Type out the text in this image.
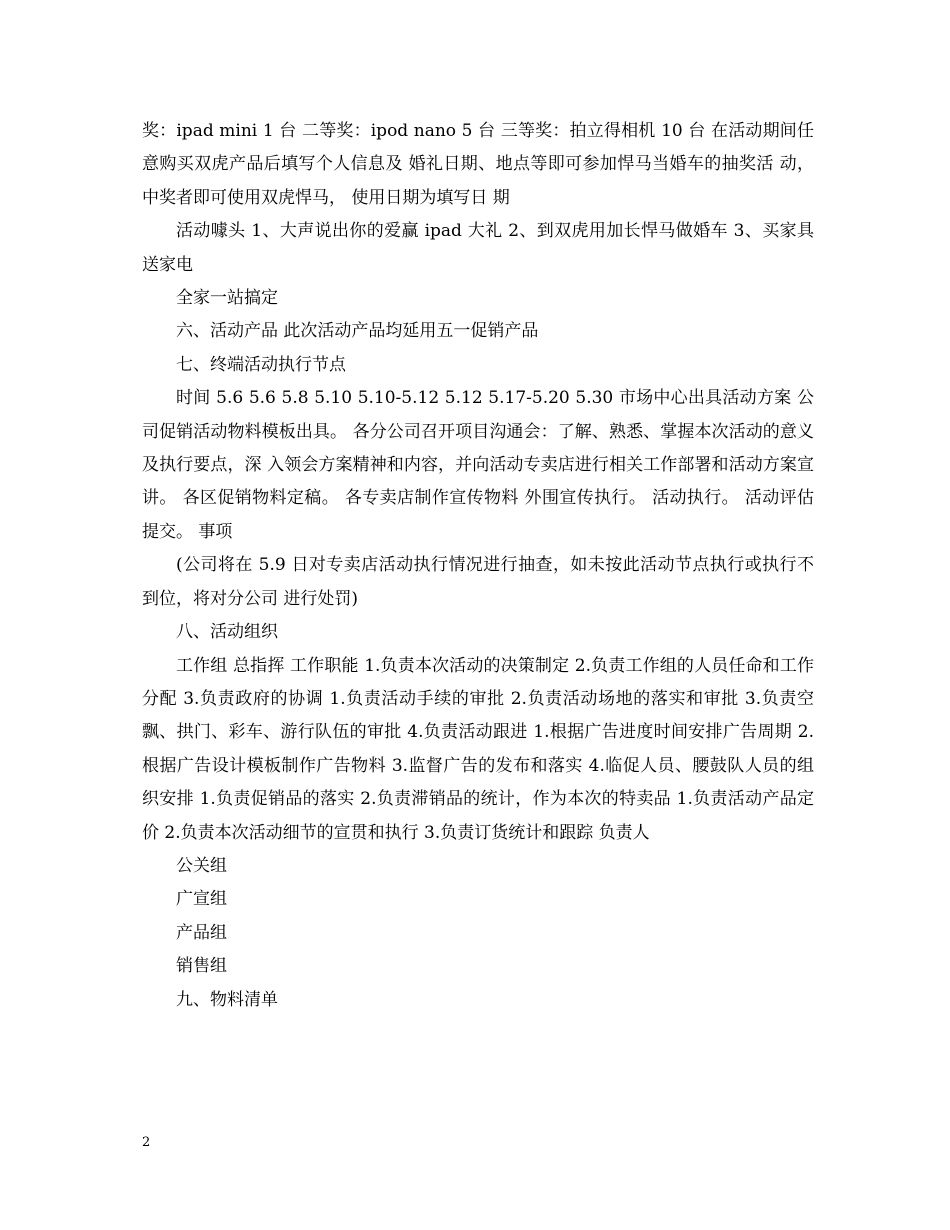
奖：ipad mini 1 台 二等奖：ipod nano 5 台 三等奖：拍立得相机 10 台 在活动期间任意购买双虎产品后填写个人信息及 婚礼日期、地点等即可参加悍马当婚车的抽奖活 动， 中奖者即可使用双虎悍马， 使用日期为填写日 期

活动噱头 1、大声说出你的爱赢 ipad 大礼 2、到双虎用加长悍马做婚车 3、买家具送家电

全家一站搞定

六、活动产品 此次活动产品均延用五一促销产品

七、终端活动执行节点

时间 5.6 5.6 5.8 5.10 5.10-5.12 5.12 5.17-5.20 5.30 市场中心出具活动方案 公司促销活动物料模板出具。 各分公司召开项目沟通会：了解、熟悉、掌握本次活动的意义及执行要点，深 入领会方案精神和内容，并向活动专卖店进行相关工作部署和活动方案宣讲。 各区促销物料定稿。 各专卖店制作宣传物料 外围宣传执行。 活动执行。 活动评估提交。 事项

(公司将在 5.9 日对专卖店活动执行情况进行抽查，如未按此活动节点执行或执行不到位，将对分公司 进行处罚)

八、活动组织

工作组 总指挥 工作职能 1.负责本次活动的决策制定 2.负责工作组的人员任命和工作分配 3.负责政府的协调 1.负责活动手续的审批 2.负责活动场地的落实和审批 3.负责空飘、拱门、彩车、游行队伍的审批 4.负责活动跟进 1.根据广告进度时间安排广告周期 2.根据广告设计模板制作广告物料 3.监督广告的发布和落实 4.临促人员、腰鼓队人员的组织安排 1.负责促销品的落实 2.负责滞销品的统计，作为本次的特卖品 1.负责活动产品定价 2.负责本次活动细节的宣贯和执行 3.负责订货统计和跟踪 负责人

公关组

广宣组

产品组

销售组

九、物料清单

2
